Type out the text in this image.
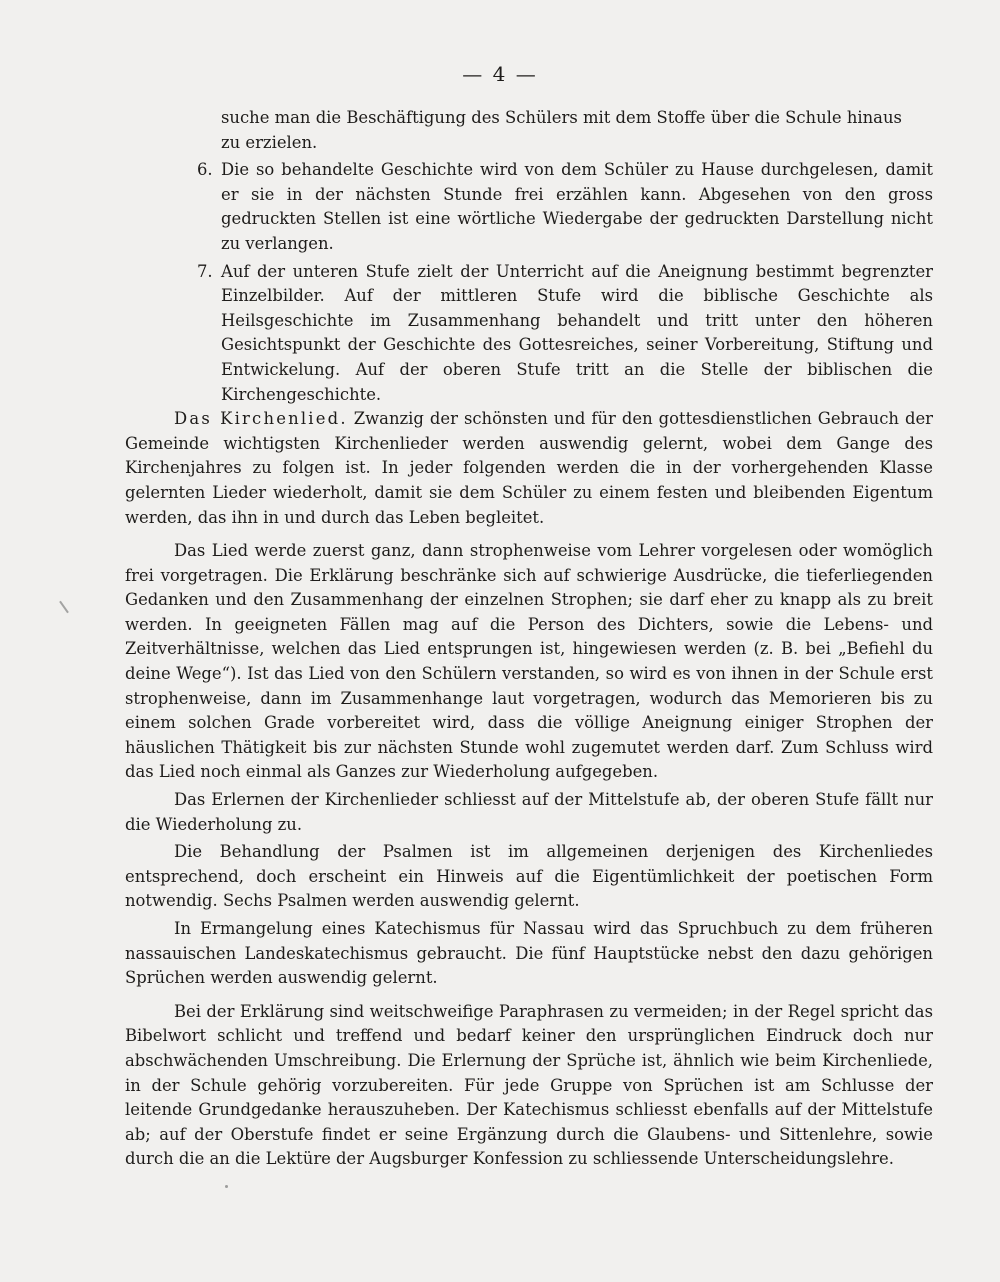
— 4 —

suche man die Beschäftigung des Schülers mit dem Stoffe über die Schule hinaus
zu erzielen.

6. Die so behandelte Geschichte wird von dem Schüler zu Hause durchgelesen, damit er sie in der nächsten Stunde frei erzählen kann. Abgesehen von den gross gedruckten Stellen ist eine wörtliche Wiedergabe der gedruckten Darstellung nicht zu verlangen.

7. Auf der unteren Stufe zielt der Unterricht auf die Aneignung bestimmt begrenzter Einzelbilder. Auf der mittleren Stufe wird die biblische Geschichte als Heilsgeschichte im Zusammenhang behandelt und tritt unter den höheren Gesichtspunkt der Geschichte des Gottesreiches, seiner Vorbereitung, Stiftung und Entwickelung. Auf der oberen Stufe tritt an die Stelle der biblischen die Kirchengeschichte.

Das Kirchenlied. Zwanzig der schönsten und für den gottesdienstlichen Gebrauch der Gemeinde wichtigsten Kirchenlieder werden auswendig gelernt, wobei dem Gange des Kirchenjahres zu folgen ist. In jeder folgenden werden die in der vorhergehenden Klasse gelernten Lieder wiederholt, damit sie dem Schüler zu einem festen und bleibenden Eigentum werden, das ihn in und durch das Leben begleitet.

Das Lied werde zuerst ganz, dann strophenweise vom Lehrer vorgelesen oder womöglich frei vorgetragen. Die Erklärung beschränke sich auf schwierige Ausdrücke, die tieferliegenden Gedanken und den Zusammenhang der einzelnen Strophen; sie darf eher zu knapp als zu breit werden. In geeigneten Fällen mag auf die Person des Dichters, sowie die Lebens- und Zeitverhältnisse, welchen das Lied entsprungen ist, hingewiesen werden (z. B. bei „Befiehl du deine Wege“). Ist das Lied von den Schülern verstanden, so wird es von ihnen in der Schule erst strophenweise, dann im Zusammenhange laut vorgetragen, wodurch das Memorieren bis zu einem solchen Grade vorbereitet wird, dass die völlige Aneignung einiger Strophen der häuslichen Thätigkeit bis zur nächsten Stunde wohl zugemutet werden darf. Zum Schluss wird das Lied noch einmal als Ganzes zur Wiederholung aufgegeben.

Das Erlernen der Kirchenlieder schliesst auf der Mittelstufe ab, der oberen Stufe fällt nur die Wiederholung zu.

Die Behandlung der Psalmen ist im allgemeinen derjenigen des Kirchenliedes entsprechend, doch erscheint ein Hinweis auf die Eigentümlichkeit der poetischen Form notwendig. Sechs Psalmen werden auswendig gelernt.

In Ermangelung eines Katechismus für Nassau wird das Spruchbuch zu dem früheren nassauischen Landeskatechismus gebraucht. Die fünf Hauptstücke nebst den dazu gehörigen Sprüchen werden auswendig gelernt.

Bei der Erklärung sind weitschweifige Paraphrasen zu vermeiden; in der Regel spricht das Bibelwort schlicht und treffend und bedarf keiner den ursprünglichen Eindruck doch nur abschwächenden Umschreibung. Die Erlernung der Sprüche ist, ähnlich wie beim Kirchenliede, in der Schule gehörig vorzubereiten. Für jede Gruppe von Sprüchen ist am Schlusse der leitende Grundgedanke herauszuheben. Der Katechismus schliesst ebenfalls auf der Mittelstufe ab; auf der Oberstufe findet er seine Ergänzung durch die Glaubens- und Sittenlehre, sowie durch die an die Lektüre der Augsburger Konfession zu schliessende Unterscheidungslehre.
